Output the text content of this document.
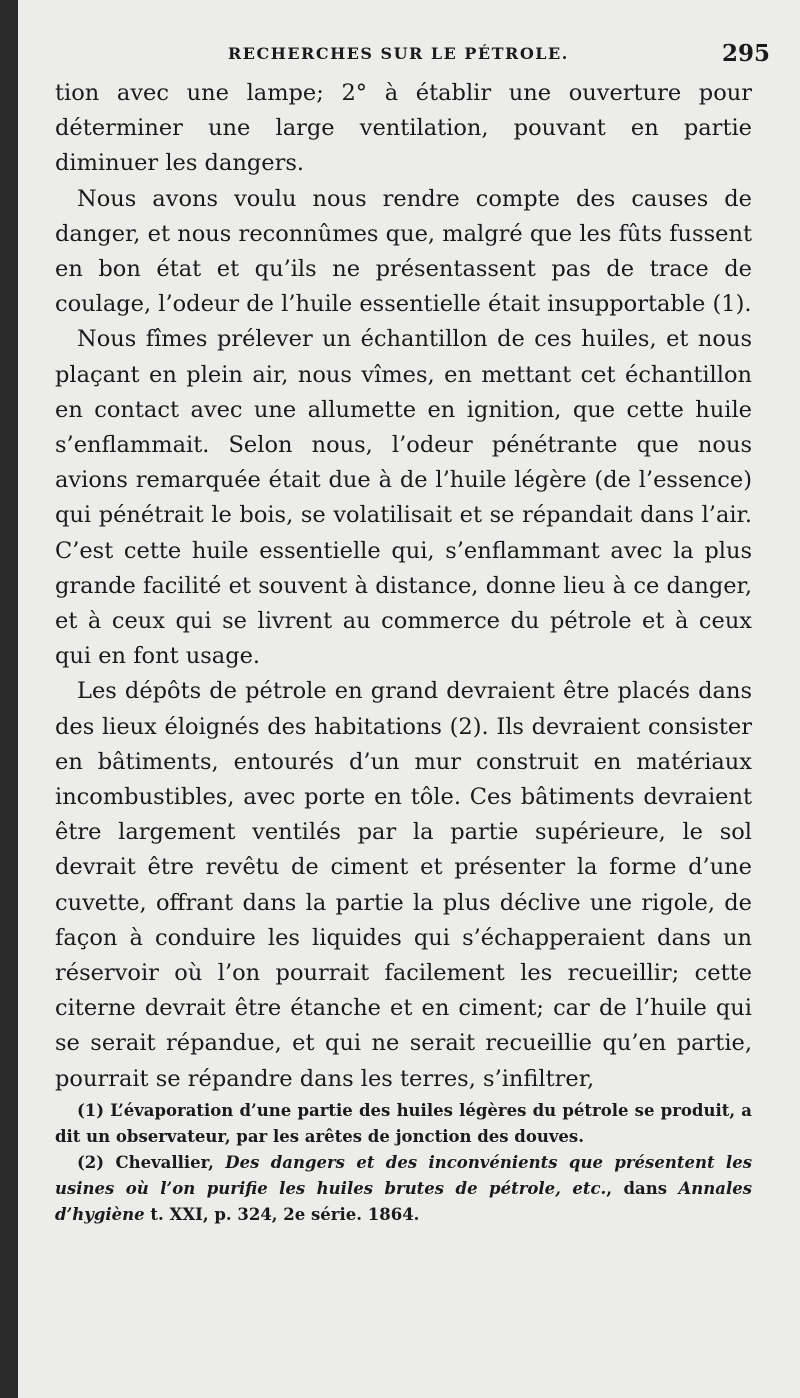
RECHERCHES SUR LE PÉTROLE.	295

tion avec une lampe; 2° à établir une ouverture pour déterminer une large ventilation, pouvant en partie diminuer les dangers.

Nous avons voulu nous rendre compte des causes de danger, et nous reconnûmes que, malgré que les fûts fussent en bon état et qu’ils ne présentassent pas de trace de coulage, l’odeur de l’huile essentielle était insupportable (1).

Nous fîmes prélever un échantillon de ces huiles, et nous plaçant en plein air, nous vîmes, en mettant cet échantillon en contact avec une allumette en ignition, que cette huile s’enflammait. Selon nous, l’odeur pénétrante que nous avions remarquée était due à de l’huile légère (de l’essence) qui pénétrait le bois, se volatilisait et se répandait dans l’air. C’est cette huile essentielle qui, s’enflammant avec la plus grande facilité et souvent à distance, donne lieu à ce danger, et à ceux qui se livrent au commerce du pétrole et à ceux qui en font usage.

Les dépôts de pétrole en grand devraient être placés dans des lieux éloignés des habitations (2). Ils devraient consister en bâtiments, entourés d’un mur construit en matériaux incombustibles, avec porte en tôle. Ces bâtiments devraient être largement ventilés par la partie supérieure, le sol devrait être revêtu de ciment et présenter la forme d’une cuvette, offrant dans la partie la plus déclive une rigole, de façon à conduire les liquides qui s’échapperaient dans un réservoir où l’on pourrait facilement les recueillir; cette citerne devrait être étanche et en ciment; car de l’huile qui se serait répandue, et qui ne serait recueillie qu’en partie, pourrait se répandre dans les terres, s’infiltrer,

(1) L’évaporation d’une partie des huiles légères du pétrole se produit, a dit un observateur, par les arêtes de jonction des douves.

(2) Chevallier, Des dangers et des inconvénients que présentent les usines où l’on purifie les huiles brutes de pétrole, etc., dans Annales d’hygiène t. XXI, p. 324, 2e série. 1864.
